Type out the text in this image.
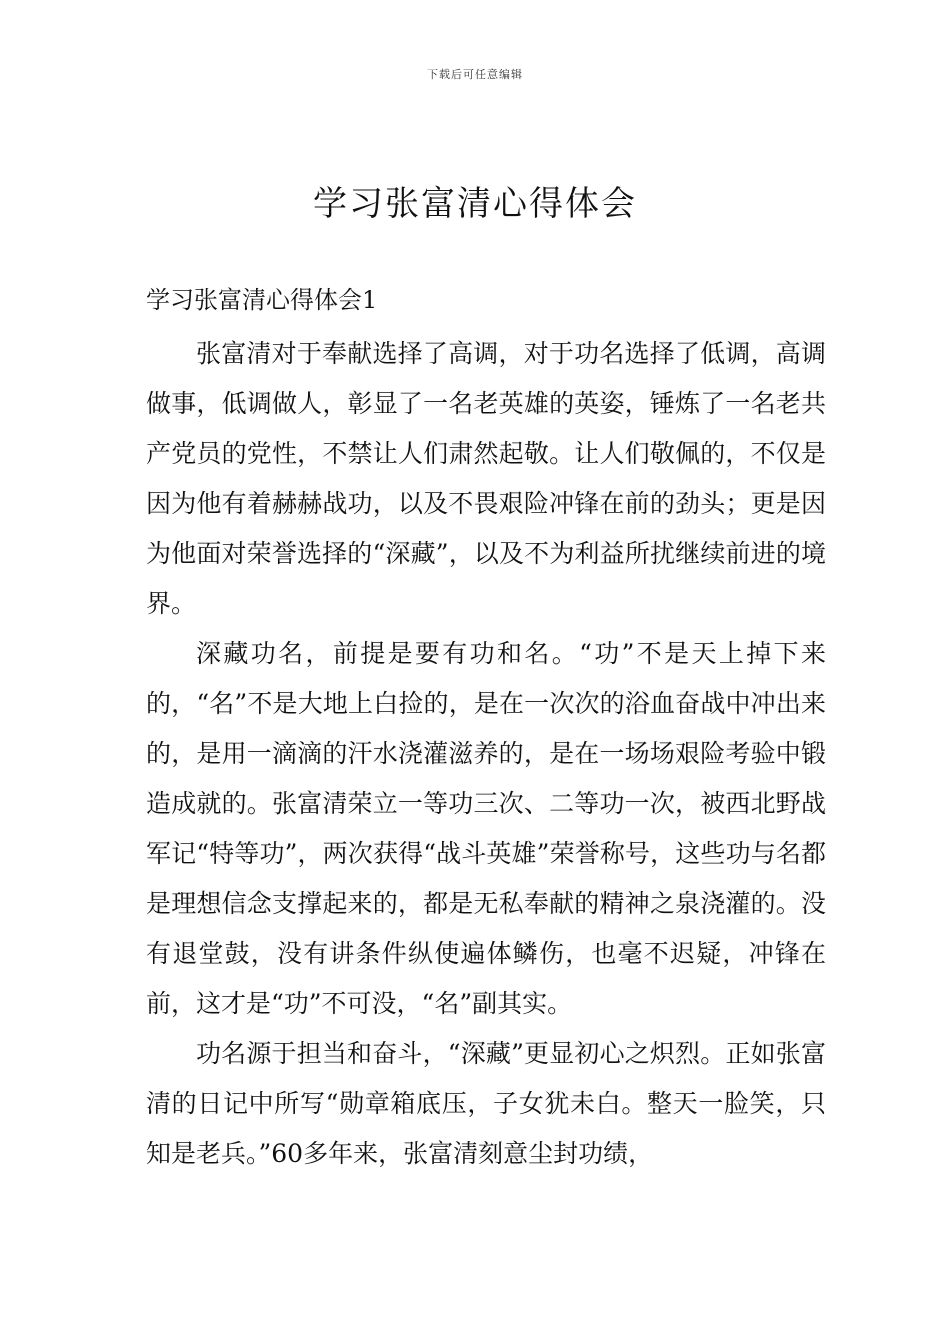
下载后可任意编辑
学习张富清心得体会
学习张富清心得体会1

张富清对于奉献选择了高调，对于功名选择了低调，高调做事，低调做人，彰显了一名老英雄的英姿，锤炼了一名老共产党员的党性，不禁让人们肃然起敬。让人们敬佩的，不仅是因为他有着赫赫战功，以及不畏艰险冲锋在前的劲头；更是因为他面对荣誉选择的“深藏”，以及不为利益所扰继续前进的境界。

深藏功名，前提是要有功和名。“功”不是天上掉下来的，“名”不是大地上白捡的，是在一次次的浴血奋战中冲出来的，是用一滴滴的汗水浇灌滋养的，是在一场场艰险考验中锻造成就的。张富清荣立一等功三次、二等功一次，被西北野战军记“特等功”，两次获得“战斗英雄”荣誉称号，这些功与名都是理想信念支撑起来的，都是无私奉献的精神之泉浇灌的。没有退堂鼓，没有讲条件纵使遍体鳞伤，也毫不迟疑，冲锋在前，这才是“功”不可没，“名”副其实。

功名源于担当和奋斗，“深藏”更显初心之炽烈。正如张富清的日记中所写“勋章箱底压，子女犹未白。整天一脸笑，只知是老兵。”60多年来，张富清刻意尘封功绩，
